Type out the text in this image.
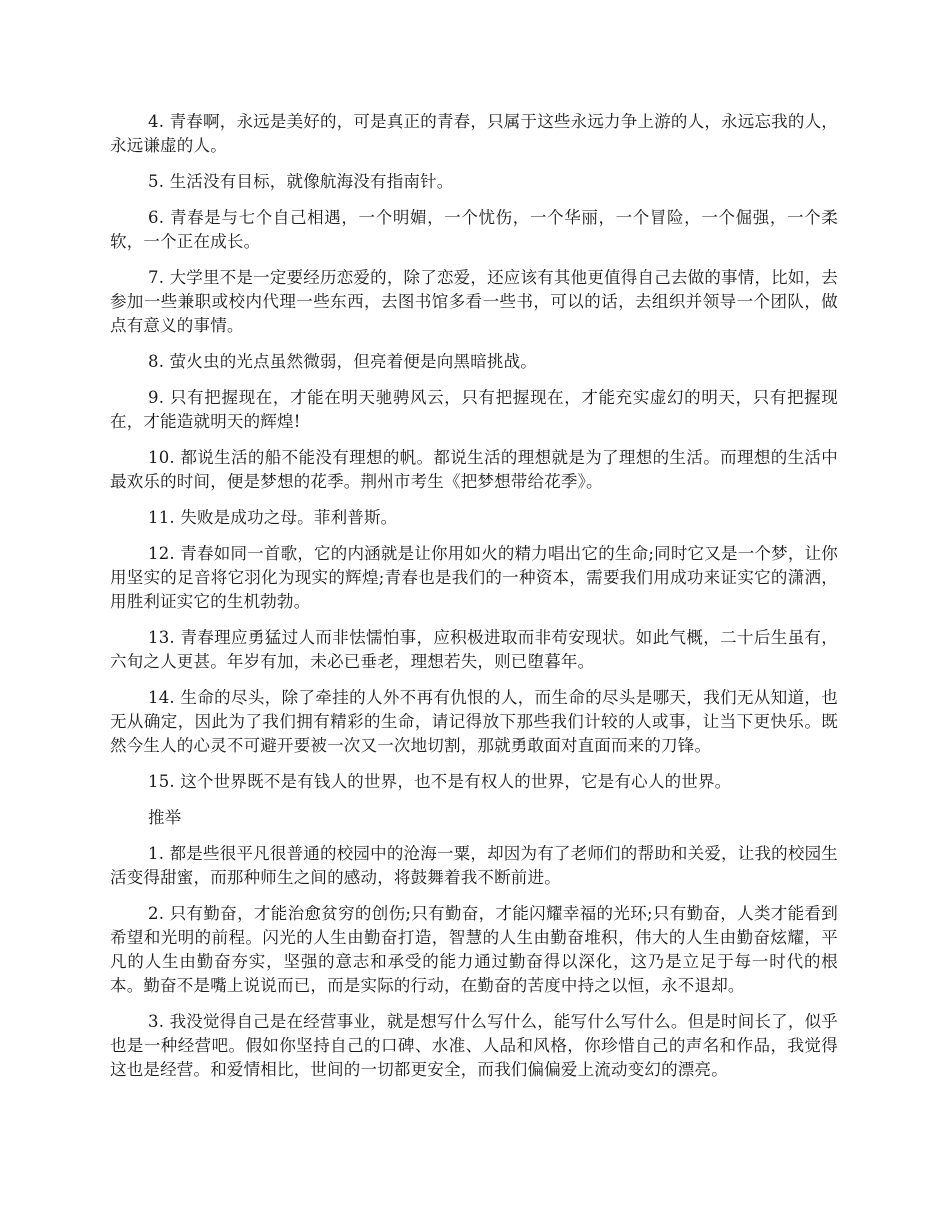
4. 青春啊，永远是美好的，可是真正的青春，只属于这些永远力争上游的人，永远忘我的人，永远谦虚的人。

5. 生活没有目标，就像航海没有指南针。

6. 青春是与七个自己相遇，一个明媚，一个忧伤，一个华丽，一个冒险，一个倔强，一个柔软，一个正在成长。

7. 大学里不是一定要经历恋爱的，除了恋爱，还应该有其他更值得自己去做的事情，比如，去参加一些兼职或校内代理一些东西，去图书馆多看一些书，可以的话，去组织并领导一个团队，做点有意义的事情。

8. 萤火虫的光点虽然微弱，但亮着便是向黑暗挑战。

9. 只有把握现在，才能在明天驰骋风云，只有把握现在，才能充实虚幻的明天，只有把握现在，才能造就明天的辉煌!

10. 都说生活的船不能没有理想的帆。都说生活的理想就是为了理想的生活。而理想的生活中最欢乐的时间，便是梦想的花季。荆州市考生《把梦想带给花季》。

11. 失败是成功之母。菲利普斯。

12. 青春如同一首歌，它的内涵就是让你用如火的精力唱出它的生命;同时它又是一个梦，让你用坚实的足音将它羽化为现实的辉煌;青春也是我们的一种资本，需要我们用成功来证实它的潇洒，用胜利证实它的生机勃勃。

13. 青春理应勇猛过人而非怯懦怕事，应积极进取而非苟安现状。如此气概，二十后生虽有，六旬之人更甚。年岁有加，未必已垂老，理想若失，则已堕暮年。

14. 生命的尽头，除了牵挂的人外不再有仇恨的人，而生命的尽头是哪天，我们无从知道，也无从确定，因此为了我们拥有精彩的生命，请记得放下那些我们计较的人或事，让当下更快乐。既然今生人的心灵不可避开要被一次又一次地切割，那就勇敢面对直面而来的刀锋。

15. 这个世界既不是有钱人的世界，也不是有权人的世界，它是有心人的世界。

推举

1. 都是些很平凡很普通的校园中的沧海一粟，却因为有了老师们的帮助和关爱，让我的校园生活变得甜蜜，而那种师生之间的感动，将鼓舞着我不断前进。

2. 只有勤奋，才能治愈贫穷的创伤;只有勤奋，才能闪耀幸福的光环;只有勤奋，人类才能看到希望和光明的前程。闪光的人生由勤奋打造，智慧的人生由勤奋堆积，伟大的人生由勤奋炫耀，平凡的人生由勤奋夯实，坚强的意志和承受的能力通过勤奋得以深化，这乃是立足于每一时代的根本。勤奋不是嘴上说说而已，而是实际的行动，在勤奋的苦度中持之以恒，永不退却。

3. 我没觉得自己是在经营事业，就是想写什么写什么，能写什么写什么。但是时间长了，似乎也是一种经营吧。假如你坚持自己的口碑、水准、人品和风格，你珍惜自己的声名和作品，我觉得这也是经营。和爱情相比，世间的一切都更安全，而我们偏偏爱上流动变幻的漂亮。
